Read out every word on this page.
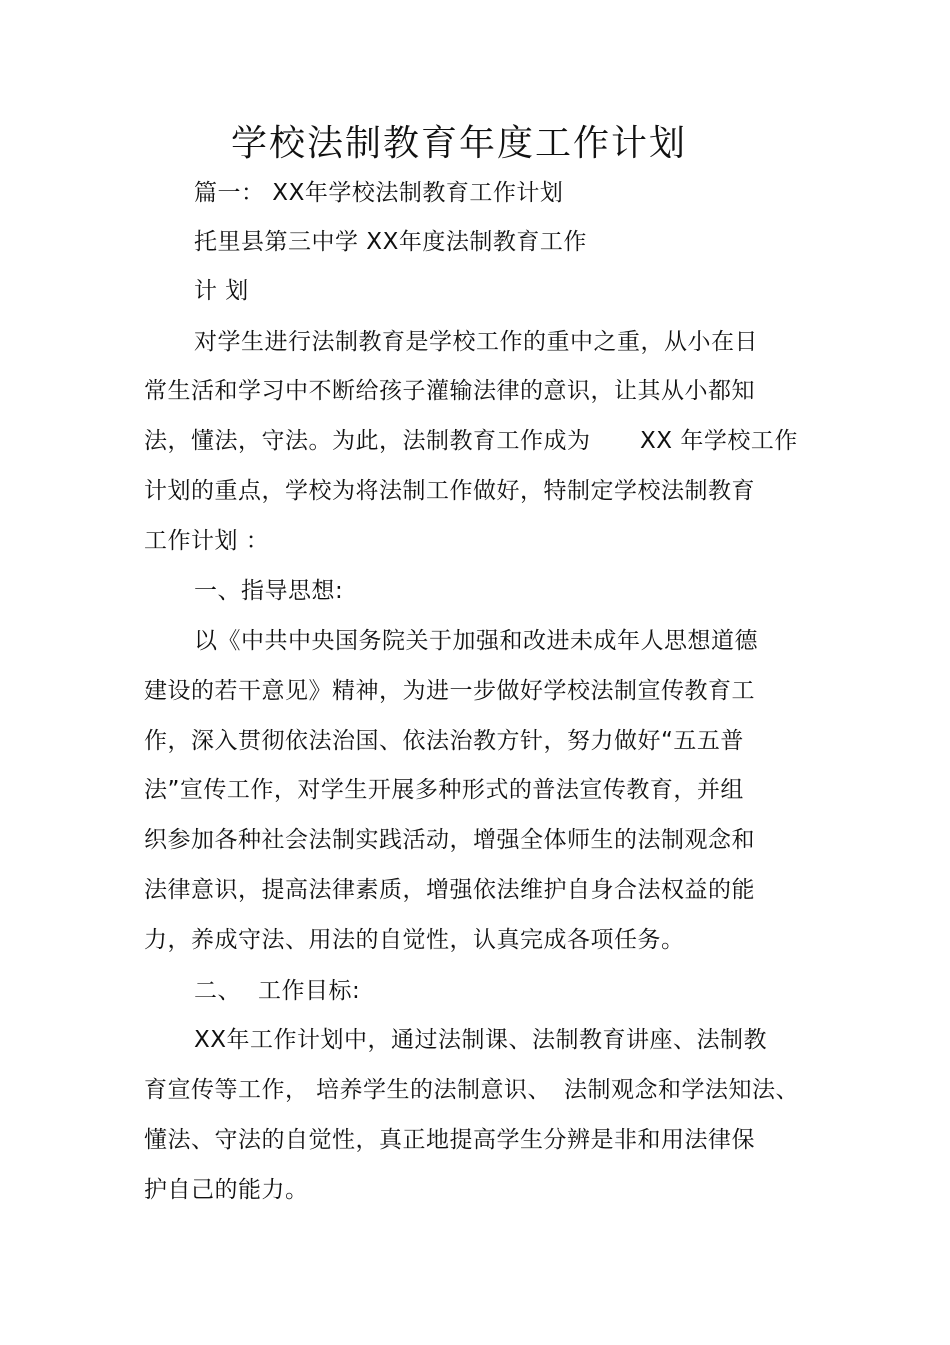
学校法制教育年度工作计划
篇一： XX年学校法制教育工作计划
托里县第三中学 XX年度法制教育工作
计 划
对学生进行法制教育是学校工作的重中之重，从小在日
常生活和学习中不断给孩子灌输法律的意识，让其从小都知
法，懂法，守法。为此，法制教育工作成为 XX 年学校工作
计划的重点，学校为将法制工作做好，特制定学校法制教育
工作计划 ：
一、指导思想:
以《中共中央国务院关于加强和改进未成年人思想道德
建设的若干意见》精神，为进一步做好学校法制宣传教育工
作，深入贯彻依法治国、依法治教方针，努力做好“五五普
法”宣传工作，对学生开展多种形式的普法宣传教育，并组
织参加各种社会法制实践活动，增强全体师生的法制观念和
法律意识，提高法律素质，增强依法维护自身合法权益的能
力，养成守法、用法的自觉性，认真完成各项任务。
二、 工作目标:
XX年工作计划中，通过法制课、法制教育讲座、法制教
育宣传等工作， 培养学生的法制意识、 法制观念和学法知法、
懂法、守法的自觉性，真正地提高学生分辨是非和用法律保
护自己的能力。
